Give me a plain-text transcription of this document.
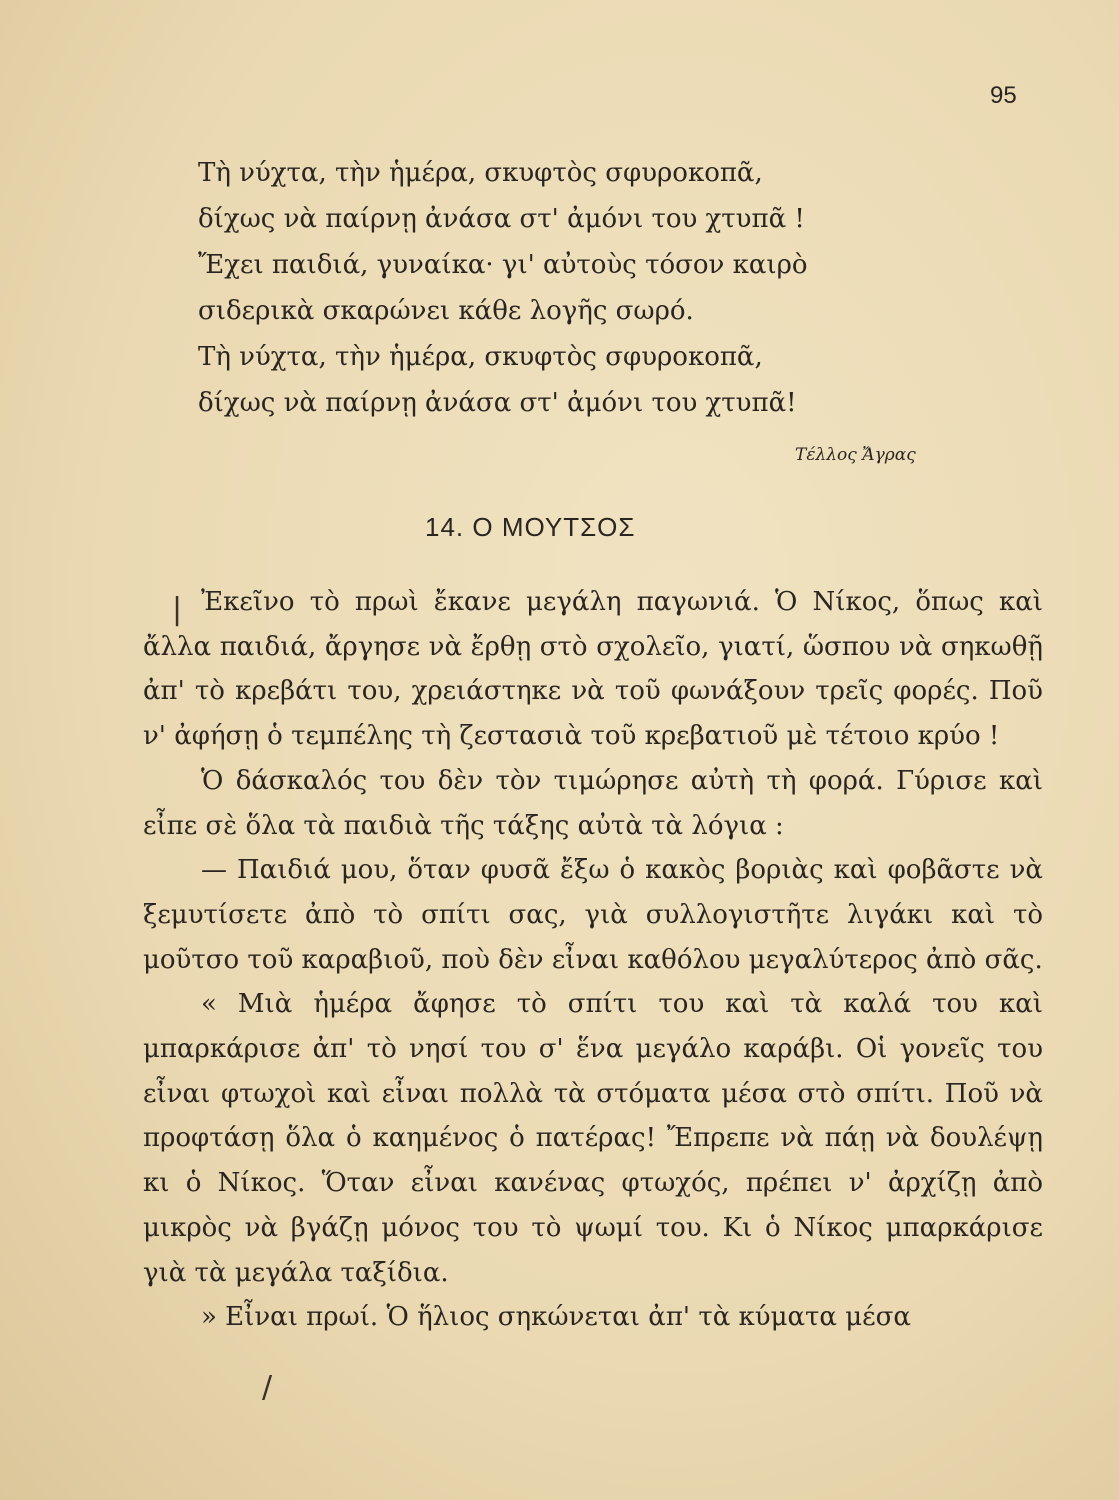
95
Τὴ νύχτα, τὴν ἡμέρα, σκυφτὸς σφυροκοπᾶ,
δίχως νὰ παίρνῃ ἀνάσα στ' ἀμόνι του χτυπᾶ !
Ἔχει παιδιά, γυναίκα· γι' αὐτοὺς τόσον καιρὸ
σιδερικὰ σκαρώνει κάθε λογῆς σωρό.
Τὴ νύχτα, τὴν ἡμέρα, σκυφτὸς σφυροκοπᾶ,
δίχως νὰ παίρνῃ ἀνάσα στ' ἀμόνι του χτυπᾶ!
Τέλλος Ἄγρας
14. Ο ΜΟΥΤΣΟΣ

Ἐκεῖνο τὸ πρωὶ ἔκανε μεγάλη παγωνιά. Ὁ Νίκος, ὅπως καὶ ἄλλα παιδιά, ἄργησε νὰ ἔρθῃ στὸ σχολεῖο, γιατί, ὥσπου νὰ σηκωθῇ ἀπ' τὸ κρεβάτι του, χρειάστηκε νὰ τοῦ φωνάξουν τρεῖς φορές. Ποῦ ν' ἀφήσῃ ὁ τεμπέλης τὴ ζεστασιὰ τοῦ κρεβατιοῦ μὲ τέτοιο κρύο !

Ὁ δάσκαλός του δὲν τὸν τιμώρησε αὐτὴ τὴ φορά. Γύρισε καὶ εἶπε σὲ ὅλα τὰ παιδιὰ τῆς τάξης αὐτὰ τὰ λόγια :

— Παιδιά μου, ὅταν φυσᾶ ἔξω ὁ κακὸς βοριὰς καὶ φοβᾶστε νὰ ξεμυτίσετε ἀπὸ τὸ σπίτι σας, γιὰ συλλογιστῆτε λιγάκι καὶ τὸ μοῦτσο τοῦ καραβιοῦ, ποὺ δὲν εἶναι καθόλου μεγαλύτερος ἀπὸ σᾶς.

« Μιὰ ἡμέρα ἄφησε τὸ σπίτι του καὶ τὰ καλά του καὶ μπαρκάρισε ἀπ' τὸ νησί του σ' ἕνα μεγάλο καράβι. Οἱ γονεῖς του εἶναι φτωχοὶ καὶ εἶναι πολλὰ τὰ στόματα μέσα στὸ σπίτι. Ποῦ νὰ προφτάσῃ ὅλα ὁ καημένος ὁ πατέρας! Ἔπρεπε νὰ πάῃ νὰ δουλέψῃ κι ὁ Νίκος. Ὅταν εἶναι κανένας φτωχός, πρέπει ν' ἀρχίζῃ ἀπὸ μικρὸς νὰ βγάζῃ μόνος του τὸ ψωμί του. Κι ὁ Νίκος μπαρκάρισε γιὰ τὰ μεγάλα ταξίδια.

» Εἶναι πρωί. Ὁ ἥλιος σηκώνεται ἀπ' τὰ κύματα μέσα

|
/
